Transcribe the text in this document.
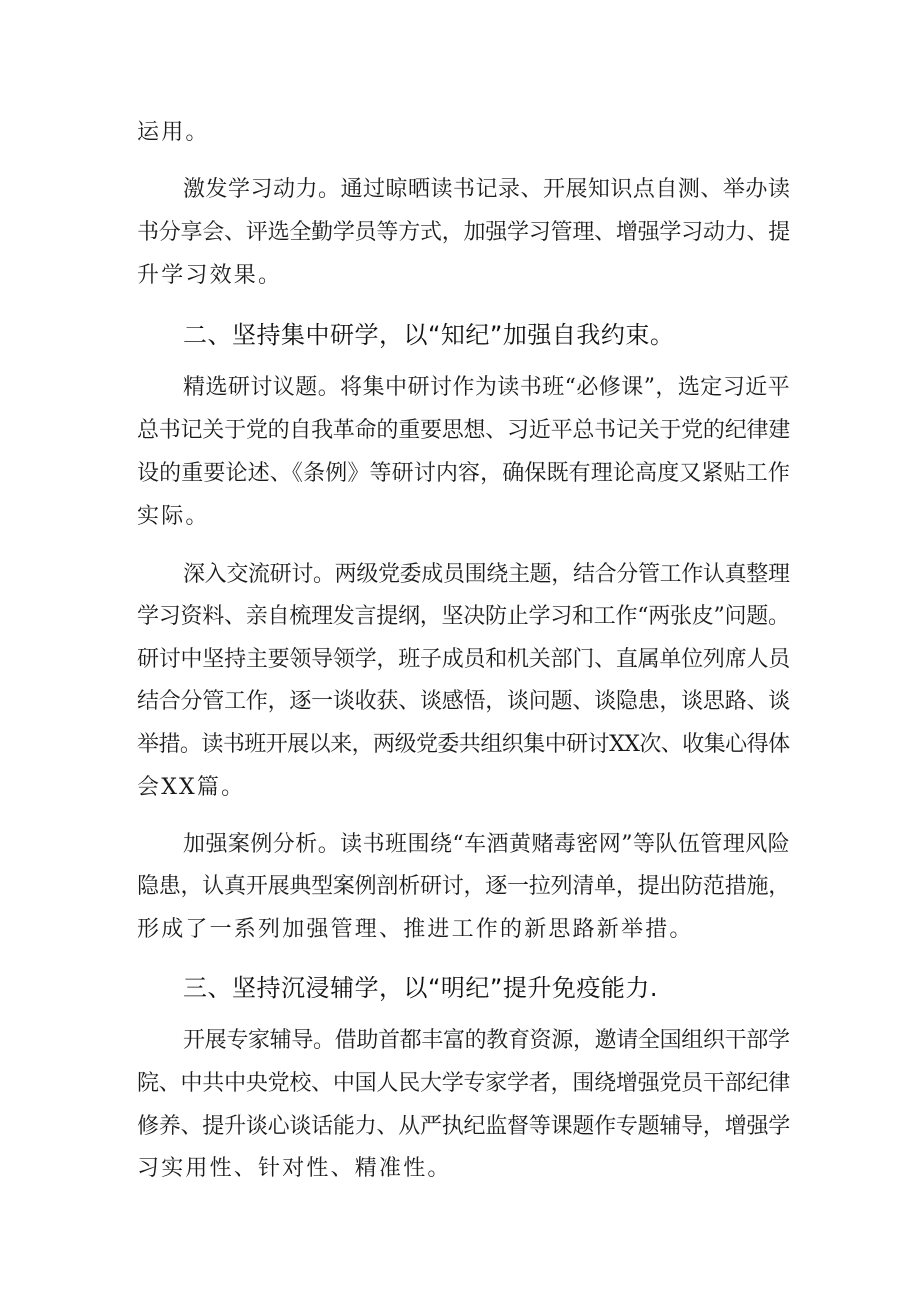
运用。
激发学习动力。通过晾晒读书记录、开展知识点自测、举办读
书分享会、评选全勤学员等方式，加强学习管理、增强学习动力、提
升学习效果。
二、坚持集中研学，以“知纪”加强自我约束。
精选研讨议题。将集中研讨作为读书班“必修课”，选定习近平
总书记关于党的自我革命的重要思想、习近平总书记关于党的纪律建
设的重要论述、《条例》等研讨内容，确保既有理论高度又紧贴工作
实际。
深入交流研讨。两级党委成员围绕主题，结合分管工作认真整理
学习资料、亲自梳理发言提纲，坚决防止学习和工作“两张皮”问题。
研讨中坚持主要领导领学，班子成员和机关部门、直属单位列席人员
结合分管工作，逐一谈收获、谈感悟，谈问题、谈隐患，谈思路、谈
举措。读书班开展以来，两级党委共组织集中研讨XX次、收集心得体
会XX篇。
加强案例分析。读书班围绕“车酒黄赌毒密网”等队伍管理风险
隐患，认真开展典型案例剖析研讨，逐一拉列清单，提出防范措施，
形成了一系列加强管理、推进工作的新思路新举措。
三、坚持沉浸辅学，以“明纪”提升免疫能力.
开展专家辅导。借助首都丰富的教育资源，邀请全国组织干部学
院、中共中央党校、中国人民大学专家学者，围绕增强党员干部纪律
修养、提升谈心谈话能力、从严执纪监督等课题作专题辅导，增强学
习实用性、针对性、精准性。
